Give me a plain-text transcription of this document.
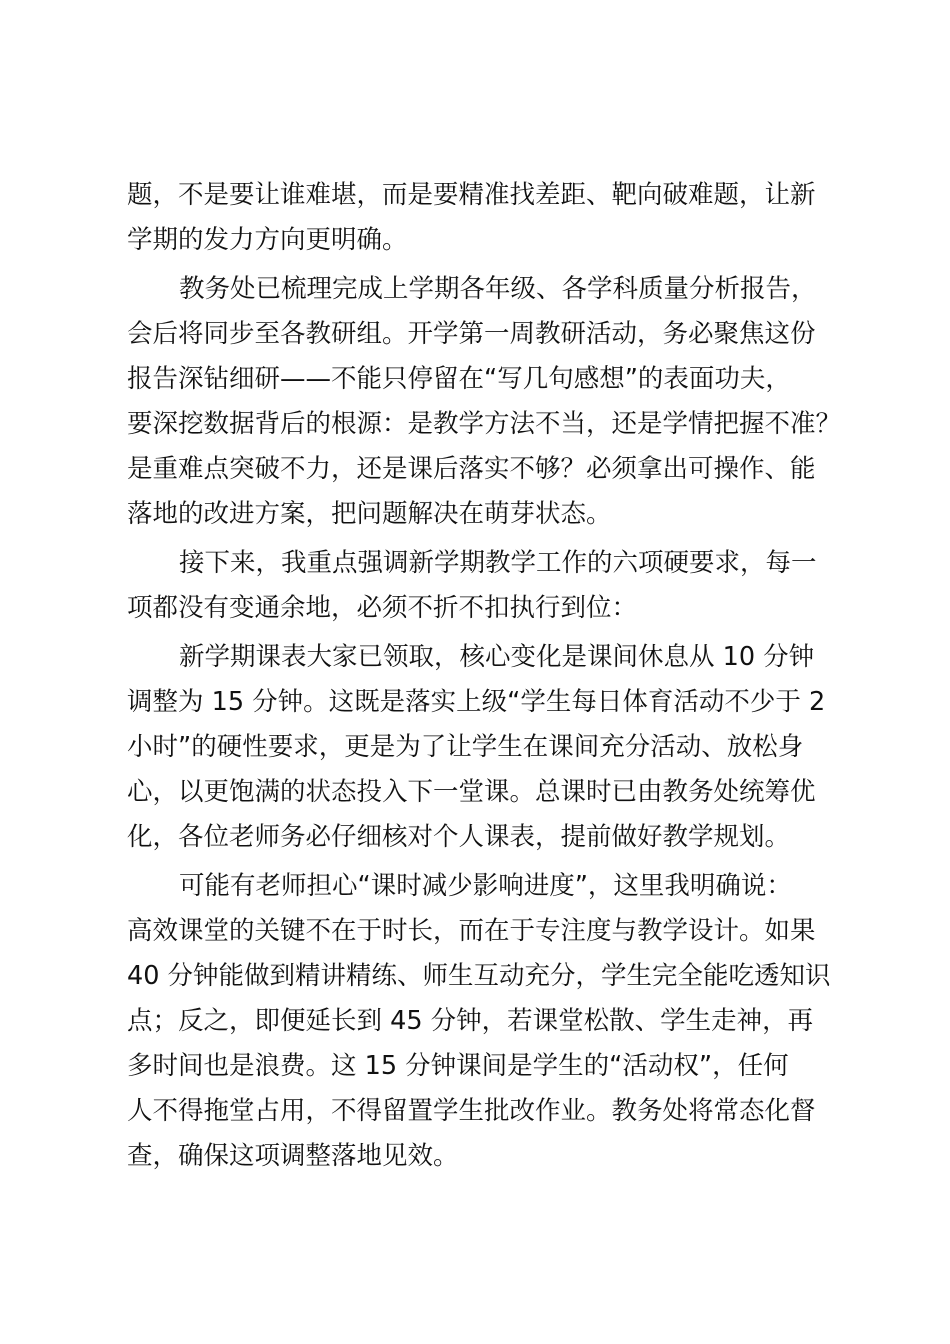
题，不是要让谁难堪，而是要精准找差距、靶向破难题，让新
学期的发力方向更明确。
教务处已梳理完成上学期各年级、各学科质量分析报告，
会后将同步至各教研组。开学第一周教研活动，务必聚焦这份
报告深钻细研——不能只停留在“写几句感想”的表面功夫，
要深挖数据背后的根源：是教学方法不当，还是学情把握不准？
是重难点突破不力，还是课后落实不够？必须拿出可操作、能
落地的改进方案，把问题解决在萌芽状态。
接下来，我重点强调新学期教学工作的六项硬要求，每一
项都没有变通余地，必须不折不扣执行到位：
新学期课表大家已领取，核心变化是课间休息从 10 分钟
调整为 15 分钟。这既是落实上级“学生每日体育活动不少于 2
小时”的硬性要求，更是为了让学生在课间充分活动、放松身
心，以更饱满的状态投入下一堂课。总课时已由教务处统筹优
化，各位老师务必仔细核对个人课表，提前做好教学规划。
可能有老师担心“课时减少影响进度”，这里我明确说：
高效课堂的关键不在于时长，而在于专注度与教学设计。如果
40 分钟能做到精讲精练、师生互动充分，学生完全能吃透知识
点；反之，即便延长到 45 分钟，若课堂松散、学生走神，再
多时间也是浪费。这 15 分钟课间是学生的“活动权”，任何
人不得拖堂占用，不得留置学生批改作业。教务处将常态化督
查，确保这项调整落地见效。
